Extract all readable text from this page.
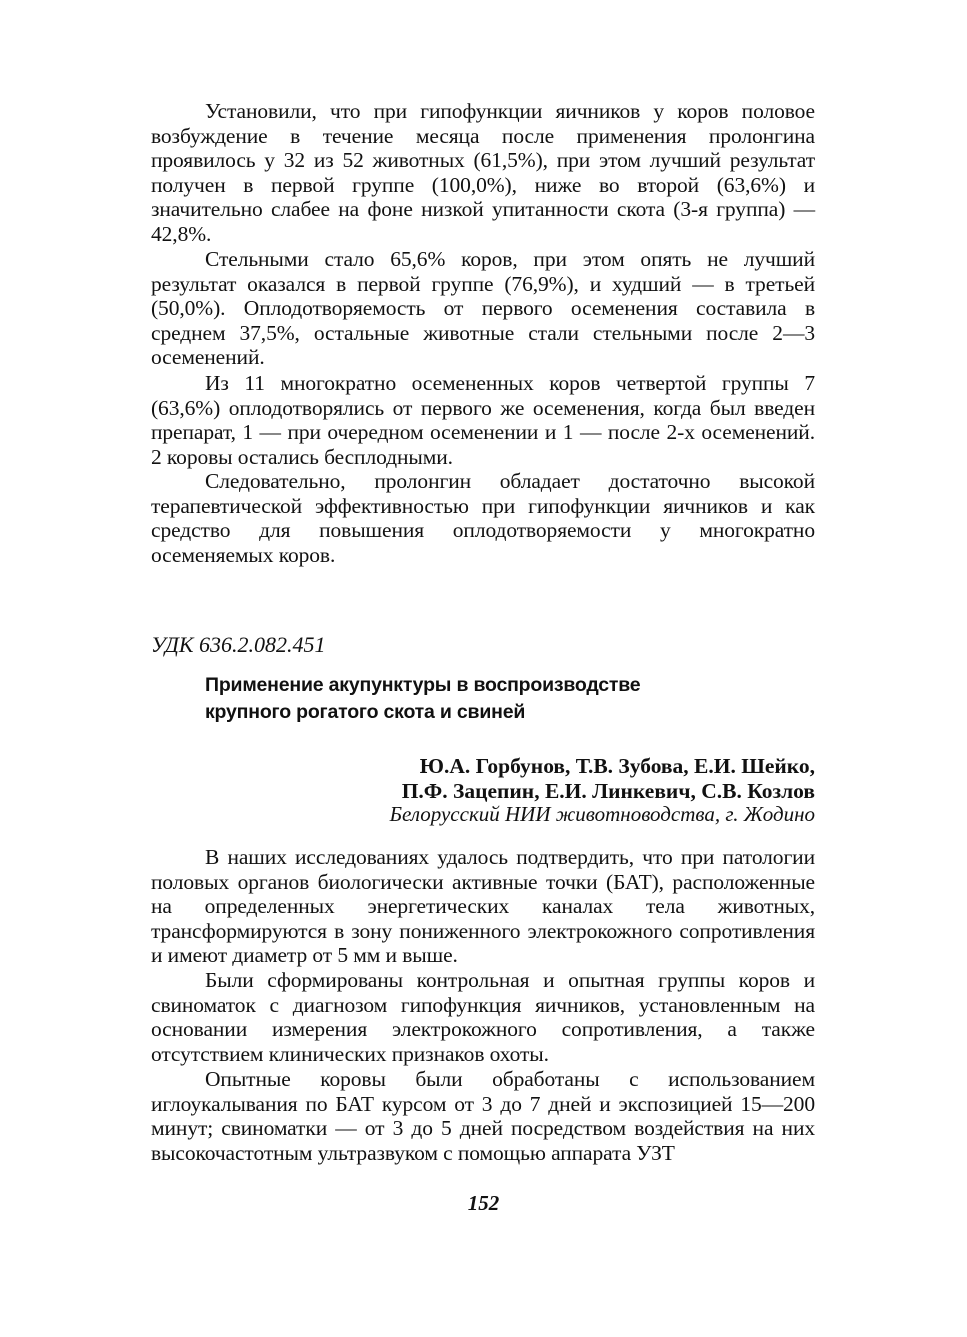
Установили, что при гипофункции яичников у коров половое возбуждение в течение месяца после применения пролонгина проявилось у 32 из 52 животных (61,5%), при этом лучший результат получен в первой группе (100,0%), ниже во второй (63,6%) и значительно слабее на фоне низкой упитанности скота (3-я группа) — 42,8%.

Стельными стало 65,6% коров, при этом опять не лучший результат оказался в первой группе (76,9%), и худший — в третьей (50,0%). Оплодотворяемость от первого осеменения составила в среднем 37,5%, остальные животные стали стельными после 2—3 осеменений.

Из 11 многократно осемененных коров четвертой группы 7 (63,6%) оплодотворялись от первого же осеменения, когда был введен препарат, 1 — при очередном осеменении и 1 — после 2-х осеменений. 2 коровы остались бесплодными.

Следовательно, пролонгин обладает достаточно высокой терапевтической эффективностью при гипофункции яичников и как средство для повышения оплодотворяемости у многократно осеменяемых коров.

УДК 636.2.082.451

Применение акупунктуры в воспроизводстве
крупного рогатого скота и свиней
Ю.А. Горбунов, Т.В. Зубова, Е.И. Шейко,
П.Ф. Зацепин, Е.И. Линкевич, С.В. Козлов

Белорусский НИИ животноводства, г. Жодино

В наших исследованиях удалось подтвердить, что при патологии половых органов биологически активные точки (БАТ), расположенные на определенных энергетических каналах тела животных, трансформируются в зону пониженного электрокожного сопротивления и имеют диаметр от 5 мм и выше.

Были сформированы контрольная и опытная группы коров и свиноматок с диагнозом гипофункция яичников, установленным на основании измерения электрокожного сопротивления, а также отсутствием клинических признаков охоты.

Опытные коровы были обработаны с использованием иглоукалывания по БАТ курсом от 3 до 7 дней и экспозицией 15—200 минут; свиноматки — от 3 до 5 дней посредством воздействия на них высокочастотным ультразвуком с помощью аппарата УЗТ

152
